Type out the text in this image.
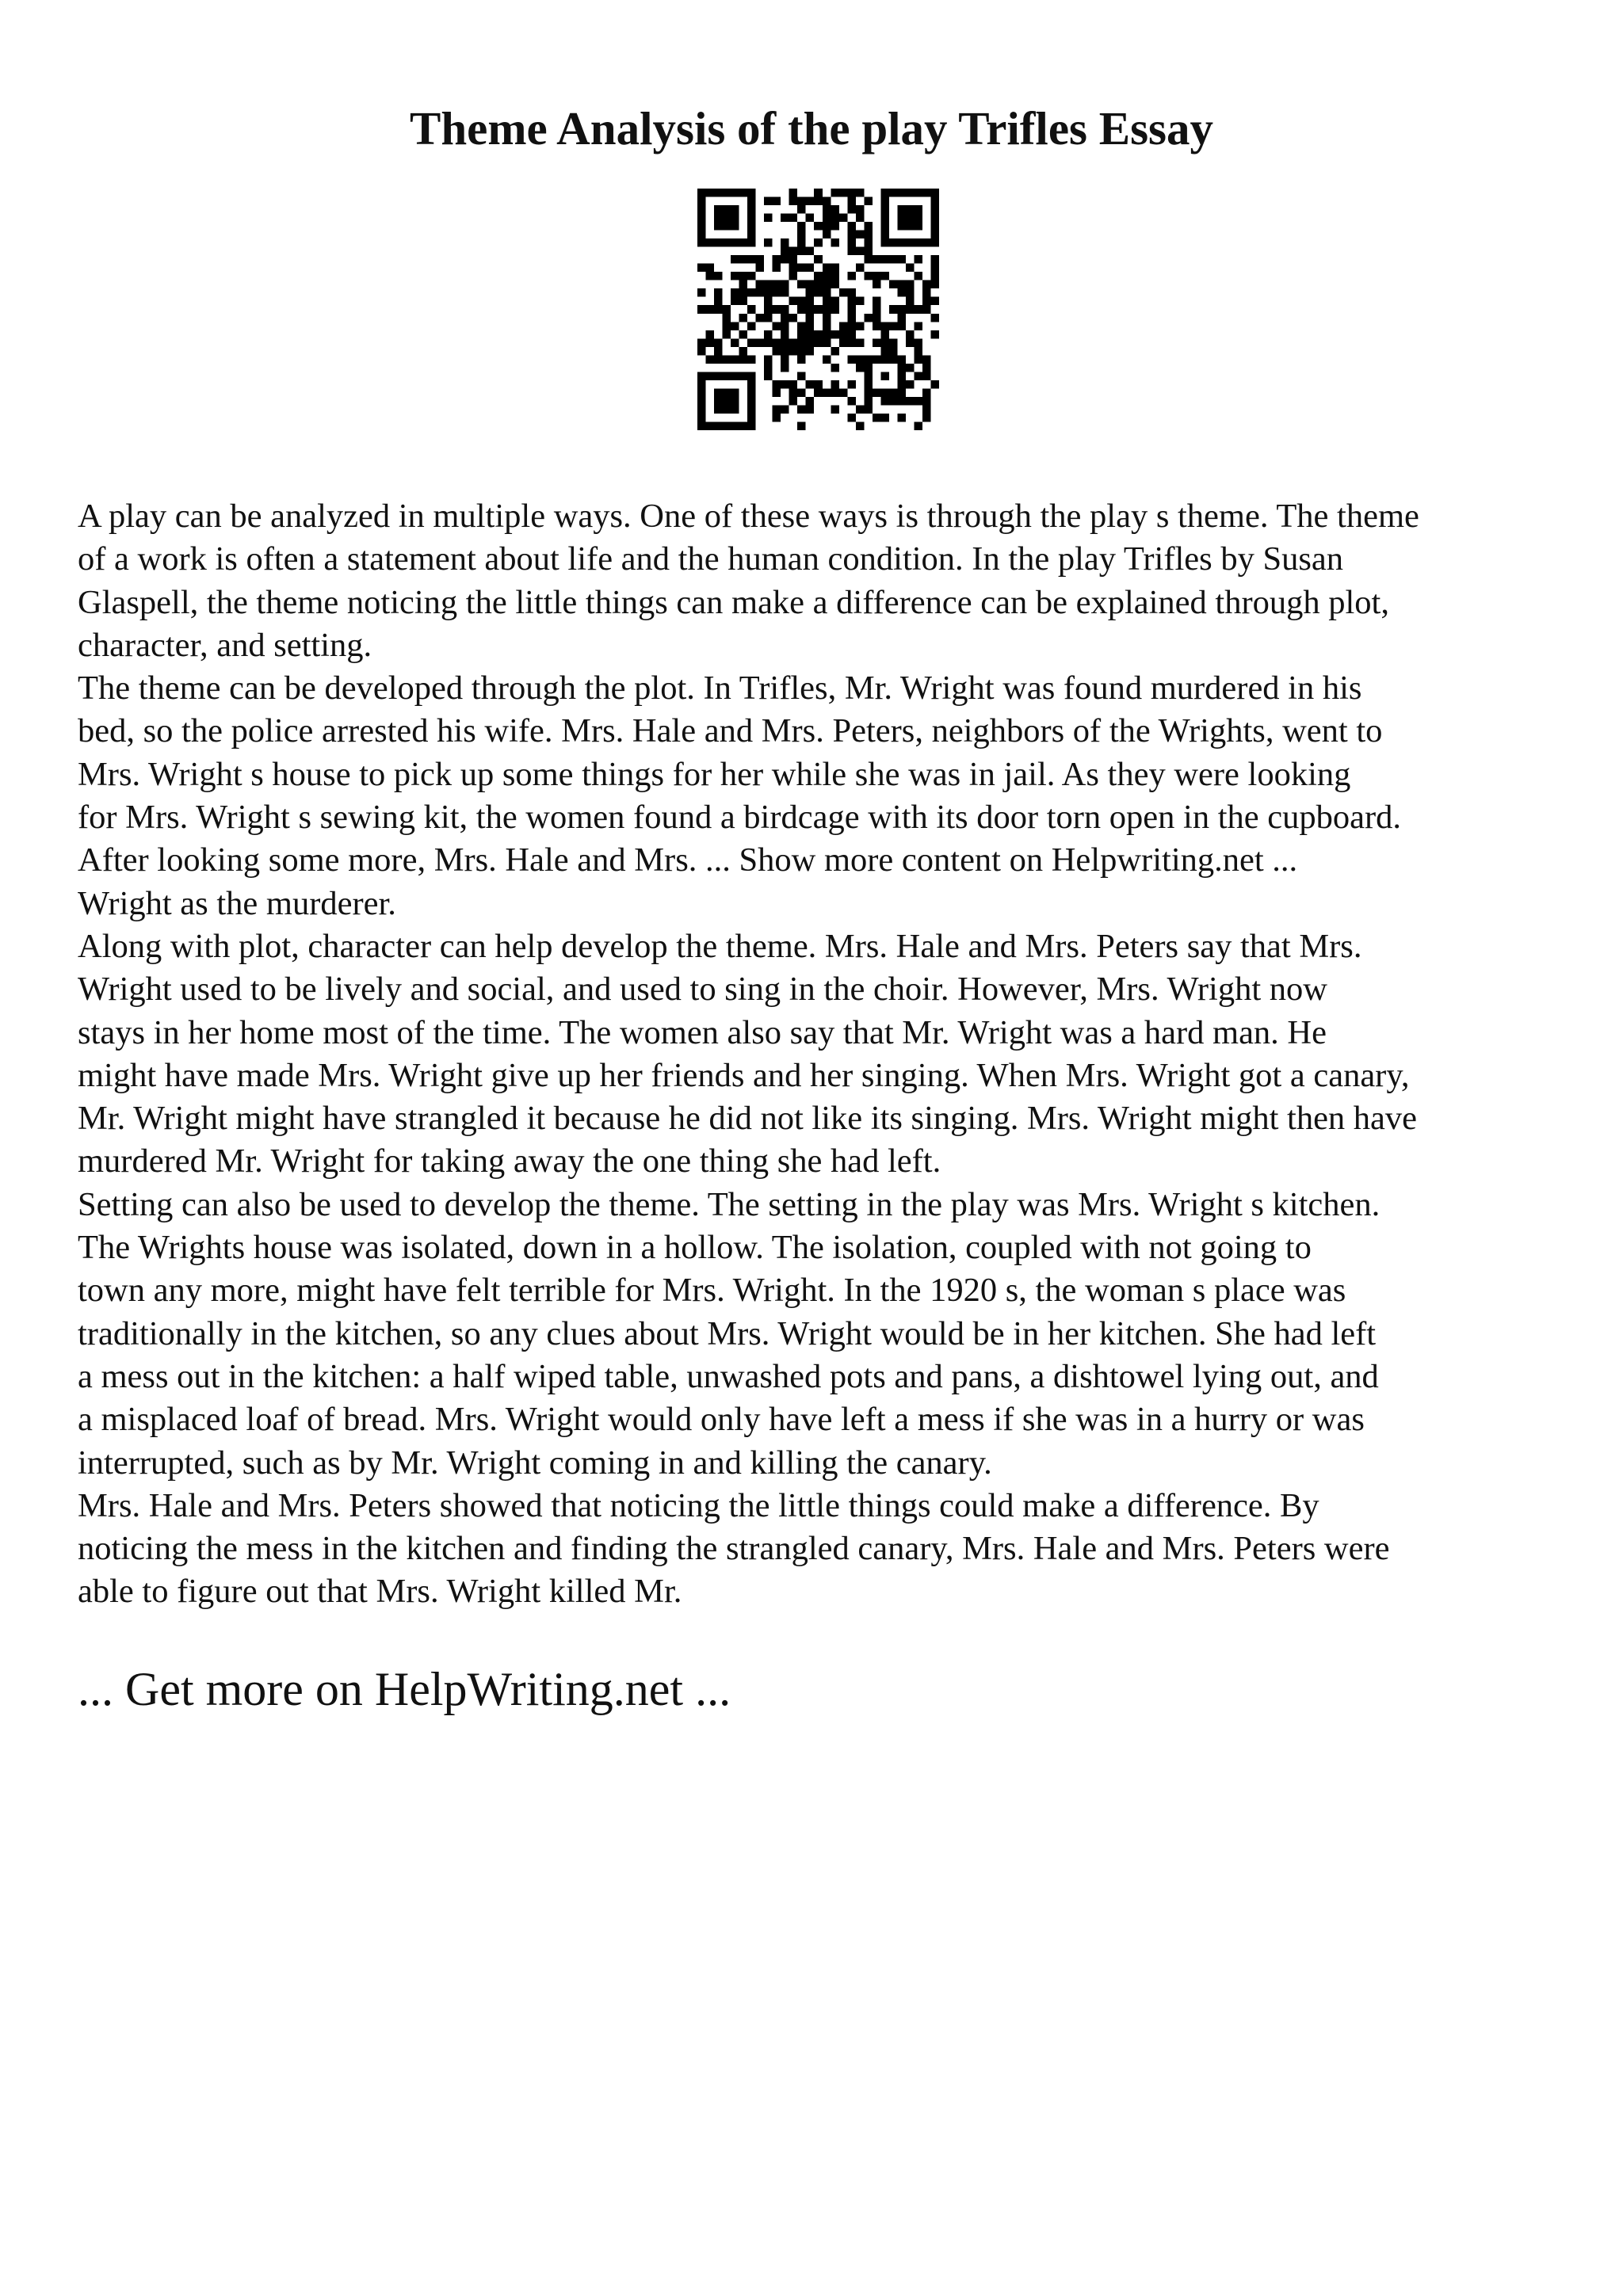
Theme Analysis of the play Trifles Essay
A play can be analyzed in multiple ways. One of these ways is through the play s theme. The theme
of a work is often a statement about life and the human condition. In the play Trifles by Susan
Glaspell, the theme noticing the little things can make a difference can be explained through plot,
character, and setting.
The theme can be developed through the plot. In Trifles, Mr. Wright was found murdered in his
bed, so the police arrested his wife. Mrs. Hale and Mrs. Peters, neighbors of the Wrights, went to
Mrs. Wright s house to pick up some things for her while she was in jail. As they were looking
for Mrs. Wright s sewing kit, the women found a birdcage with its door torn open in the cupboard.
After looking some more, Mrs. Hale and Mrs. ... Show more content on Helpwriting.net ...
Wright as the murderer.
Along with plot, character can help develop the theme. Mrs. Hale and Mrs. Peters say that Mrs.
Wright used to be lively and social, and used to sing in the choir. However, Mrs. Wright now
stays in her home most of the time. The women also say that Mr. Wright was a hard man. He
might have made Mrs. Wright give up her friends and her singing. When Mrs. Wright got a canary,
Mr. Wright might have strangled it because he did not like its singing. Mrs. Wright might then have
murdered Mr. Wright for taking away the one thing she had left.
Setting can also be used to develop the theme. The setting in the play was Mrs. Wright s kitchen.
The Wrights house was isolated, down in a hollow. The isolation, coupled with not going to
town any more, might have felt terrible for Mrs. Wright. In the 1920 s, the woman s place was
traditionally in the kitchen, so any clues about Mrs. Wright would be in her kitchen. She had left
a mess out in the kitchen: a half wiped table, unwashed pots and pans, a dishtowel lying out, and
a misplaced loaf of bread. Mrs. Wright would only have left a mess if she was in a hurry or was
interrupted, such as by Mr. Wright coming in and killing the canary.
Mrs. Hale and Mrs. Peters showed that noticing the little things could make a difference. By
noticing the mess in the kitchen and finding the strangled canary, Mrs. Hale and Mrs. Peters were
able to figure out that Mrs. Wright killed Mr.
... Get more on HelpWriting.net ...
